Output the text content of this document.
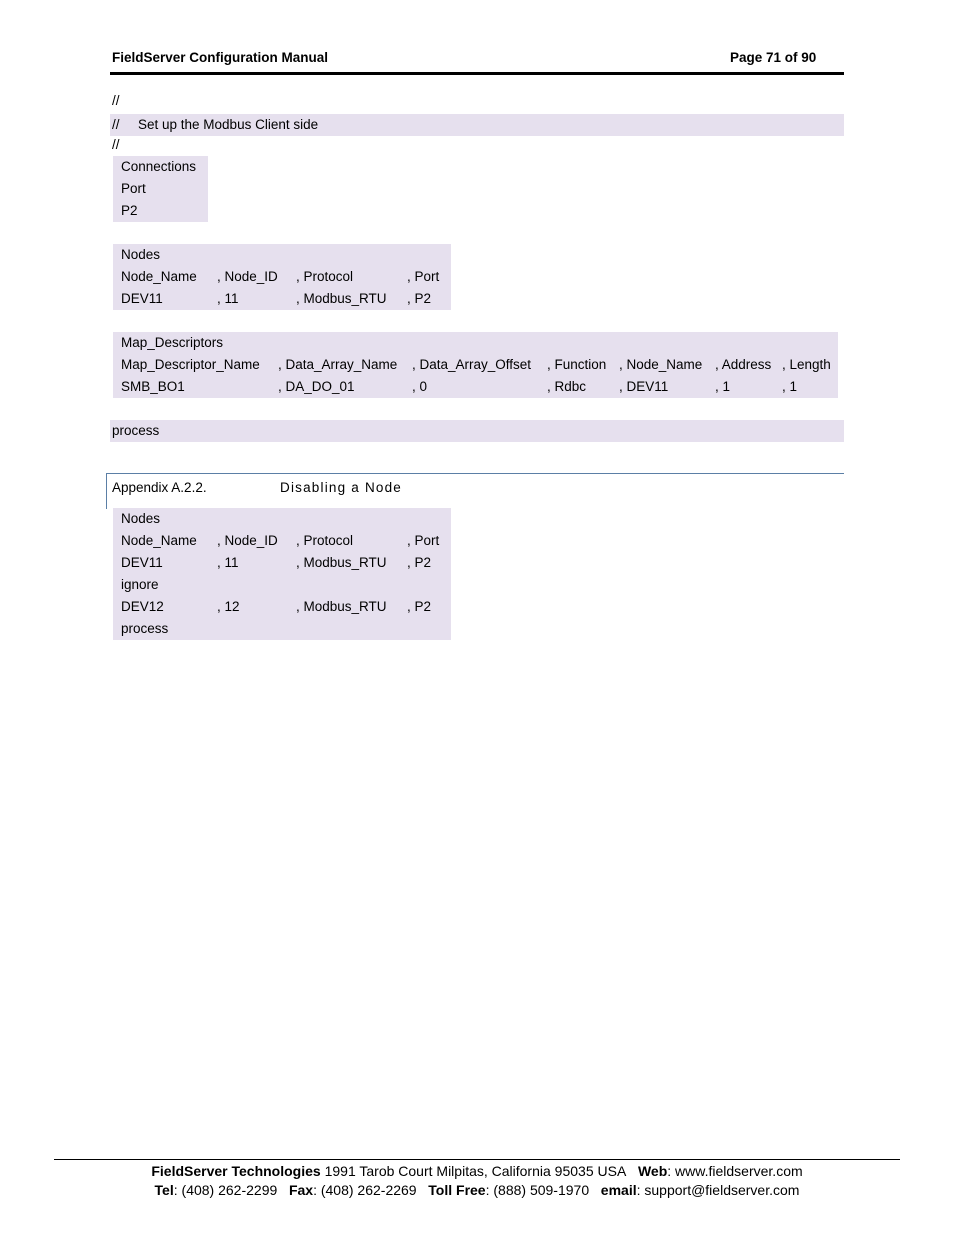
FieldServer Configuration Manual	Page 71 of 90
//
// Set up the Modbus Client side
//
Connections
Port
P2
Nodes
Node_Name , Node_ID , Protocol	, Port
DEV11	, 11	, Modbus_RTU , P2
Map_Descriptors
Map_Descriptor_Name , Data_Array_Name , Data_Array_Offset , Function , Node_Name , Address , Length
SMB_BO1	, DA_DO_01	, 0	, Rdbc , DEV11	, 1	, 1
process
Appendix A.2.2.	Disabling a Node
Nodes
Node_Name , Node_ID , Protocol	, Port
DEV11	, 11	, Modbus_RTU , P2
ignore
DEV12	, 12	, Modbus_RTU , P2
process
FieldServer Technologies 1991 Tarob Court Milpitas, California 95035 USA Web: www.fieldserver.com
Tel: (408) 262-2299 Fax: (408) 262-2269 Toll Free: (888) 509-1970 email: support@fieldserver.com
